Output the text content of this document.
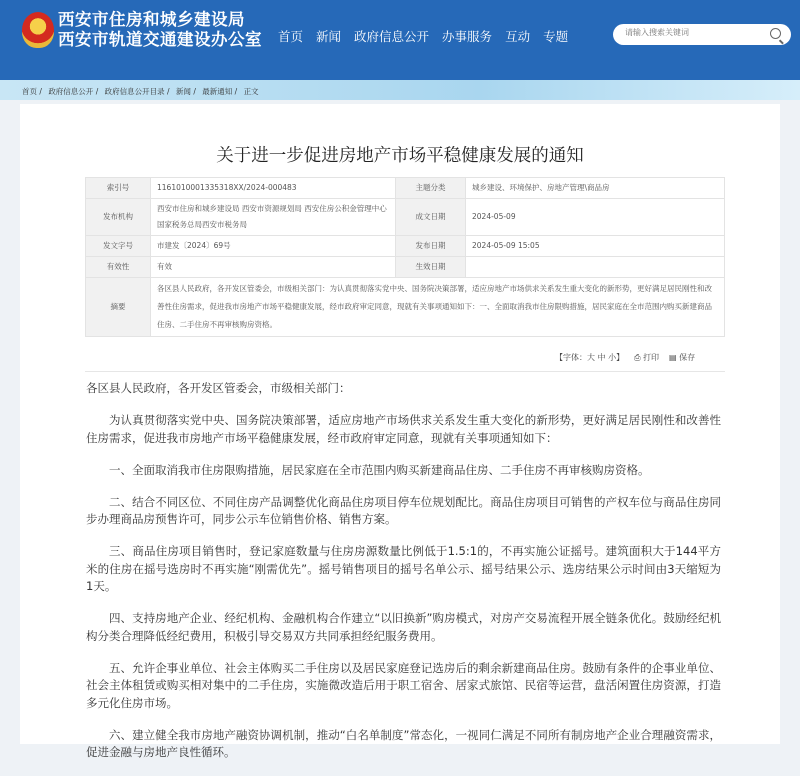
西安市住房和城乡建设局
西安市轨道交通建设办公室 首页 新闻 政府信息公开 办事服务 互动 专题
请输入搜索关键词
首页 / 政府信息公开 / 政府信息公开目录 / 新闻 / 最新通知 / 正文
关于进一步促进房地产市场平稳健康发展的通知
索引号	11610100013353​18XX/2024-000483	主题分类	城乡建设、环境保护、房地产管理\商品房
发布机构	西安市住房和城乡建设局 西安市资源规划局 西安住房公积金管理中心 国家税务总局西安市税务局	成文日期	2024-05-09
发文字号	市建发〔2024〕69号	发布日期	2024-05-09 15:05
有效性	有效	生效日期	
摘要	各区县人民政府，各开发区管委会，市级相关部门：为认真贯彻落实党中央、国务院决策部署，适应房地产市场供求关系发生重大变化的新形势，更好满足居民刚性和改善性住房需求，促进我市房地产市场平稳健康发展，经市政府审定同意，现就有关事项通知如下：一、全面取消我市住房限购措施，居民家庭在全市范围内购买新建商品住房、二手住房不再审核购房资格。		
【字体：大 中 小】 ⎙ 打印 ▤ 保存

各区县人民政府，各开发区管委会，市级相关部门：

为认真贯彻落实党中央、国务院决策部署，适应房地产市场供求关系发生重大变化的新形势，更好满足居民刚性和改善性住房需求，促进我市房地产市场平稳健康发展，经市政府审定同意，现就有关事项通知如下：

一、全面取消我市住房限购措施，居民家庭在全市范围内购买新建商品住房、二手住房不再审核购房资格。

二、结合不同区位、不同住房产品调整优化商品住房项目停车位规划配比。商品住房项目可销售的产权车位与商品住房同步办理商品房预售许可，同步公示车位销售价格、销售方案。

三、商品住房项目销售时，登记家庭数量与住房房源数量比例低于1.5:1的，不再实施公证摇号。建筑面积大于144平方米的住房在摇号选房时不再实施“刚需优先”。摇号销售项目的摇号名单公示、摇号结果公示、选房结果公示时间由3天缩短为1天。

四、支持房地产企业、经纪机构、金融机构合作建立“以旧换新”购房模式，对房产交易流程开展全链条优化。鼓励经纪机构分类合理降低经纪费用，积极引导交易双方共同承担经纪服务费用。

五、允许企事业单位、社会主体购买二手住房以及居民家庭登记选房后的剩余新建商品住房。鼓励有条件的企事业单位、社会主体租赁或购买相对集中的二手住房，实施微改造后用于职工宿舍、居家式旅馆、民宿等运营，盘活闲置住房资源，打造多元化住房市场。

六、建立健全我市房地产融资协调机制，推动“白名单制度”常态化，一视同仁满足不同所有制房地产企业合理融资需求，促进金融与房地产良性循环。
